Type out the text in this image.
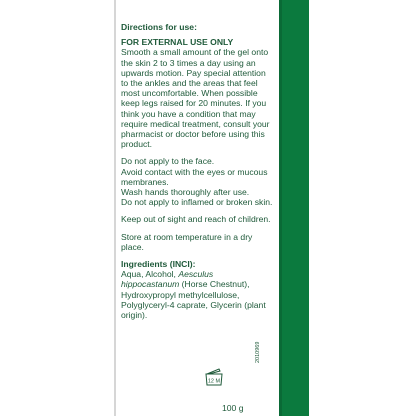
Directions for use:
FOR EXTERNAL USE ONLY

Smooth a small amount of the gel onto the skin 2 to 3 times a day using an upwards motion. Pay special attention to the ankles and the areas that feel most uncomfortable. When possible keep legs raised for 20 minutes. If you think you have a condition that may require medical treatment, consult your pharmacist or doctor before using this product.

Do not apply to the face.

Avoid contact with the eyes or mucous membranes.

Wash hands thoroughly after use.

Do not apply to inflamed or broken skin.

Keep out of sight and reach of children.

Store at room temperature in a dry place.

Ingredients (INCI):

Aqua, Alcohol, Aesculus hippocastanum (Horse Chestnut), Hydroxypropyl methylcellulose, Polyglyceryl-4 caprate, Glycerin (plant origin).

12 M
2010969
100 g
